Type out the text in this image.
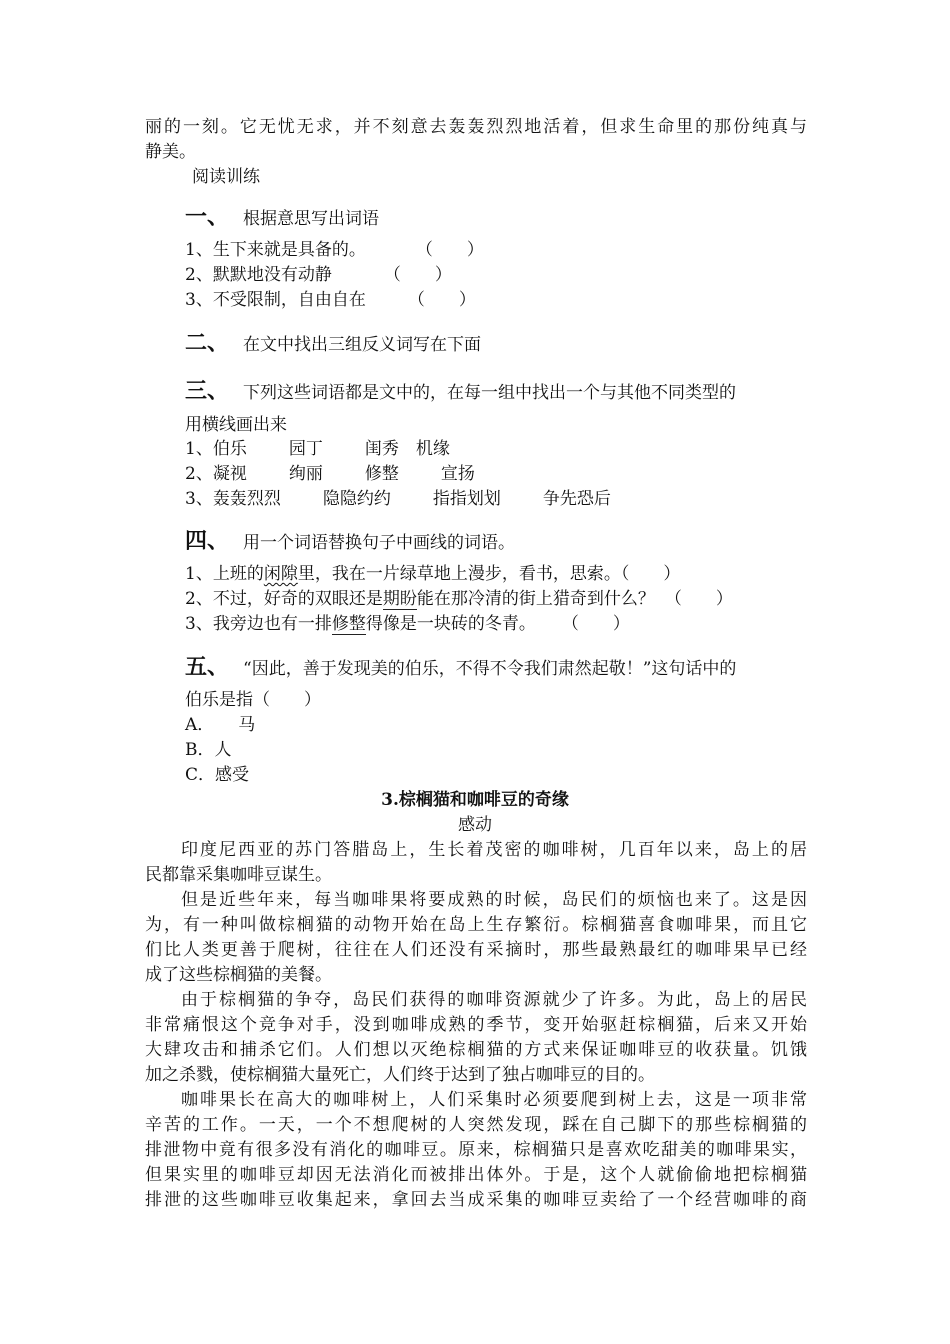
丽的一刻。它无忧无求，并不刻意去轰轰烈烈地活着，但求生命里的那份纯真与
静美。
阅读训练
一、 根据意思写出词语
1、生下来就是具备的。	（　　）
2、默默地没有动静	（　　）
3、不受限制，自由自在 （　　）
二、 在文中找出三组反义词写在下面
三、 下列这些词语都是文中的，在每一组中找出一个与其他不同类型的
用横线画出来
1、伯乐 园丁 闺秀 机缘
2、凝视 绚丽 修整 宣扬
3、轰轰烈烈 隐隐约约 指指划划 争先恐后
四、 用一个词语替换句子中画线的词语。
1、上班的闲隙里，我在一片绿草地上漫步，看书，思索。（　　）
2、不过，好奇的双眼还是期盼能在那冷清的街上猎奇到什么？ （　　）
3、我旁边也有一排修整得像是一块砖的冬青。 （　　）
五、 “因此，善于发现美的伯乐，不得不令我们肃然起敬！”这句话中的
伯乐是指（　　）
A． 马
B．人
C．感受
3.棕榈猫和咖啡豆的奇缘
感动
印度尼西亚的苏门答腊岛上，生长着茂密的咖啡树，几百年以来，岛上的居
民都靠采集咖啡豆谋生。
但是近些年来，每当咖啡果将要成熟的时候，岛民们的烦恼也来了。这是因
为，有一种叫做棕榈猫的动物开始在岛上生存繁衍。棕榈猫喜食咖啡果，而且它
们比人类更善于爬树，往往在人们还没有采摘时，那些最熟最红的咖啡果早已经
成了这些棕榈猫的美餐。
由于棕榈猫的争夺，岛民们获得的咖啡资源就少了许多。为此，岛上的居民
非常痛恨这个竞争对手，没到咖啡成熟的季节，变开始驱赶棕榈猫，后来又开始
大肆攻击和捕杀它们。人们想以灭绝棕榈猫的方式来保证咖啡豆的收获量。饥饿
加之杀戮，使棕榈猫大量死亡，人们终于达到了独占咖啡豆的目的。
咖啡果长在高大的咖啡树上，人们采集时必须要爬到树上去，这是一项非常
辛苦的工作。一天，一个不想爬树的人突然发现，踩在自己脚下的那些棕榈猫的
排泄物中竟有很多没有消化的咖啡豆。原来，棕榈猫只是喜欢吃甜美的咖啡果实，
但果实里的咖啡豆却因无法消化而被排出体外。于是，这个人就偷偷地把棕榈猫
排泄的这些咖啡豆收集起来，拿回去当成采集的咖啡豆卖给了一个经营咖啡的商
